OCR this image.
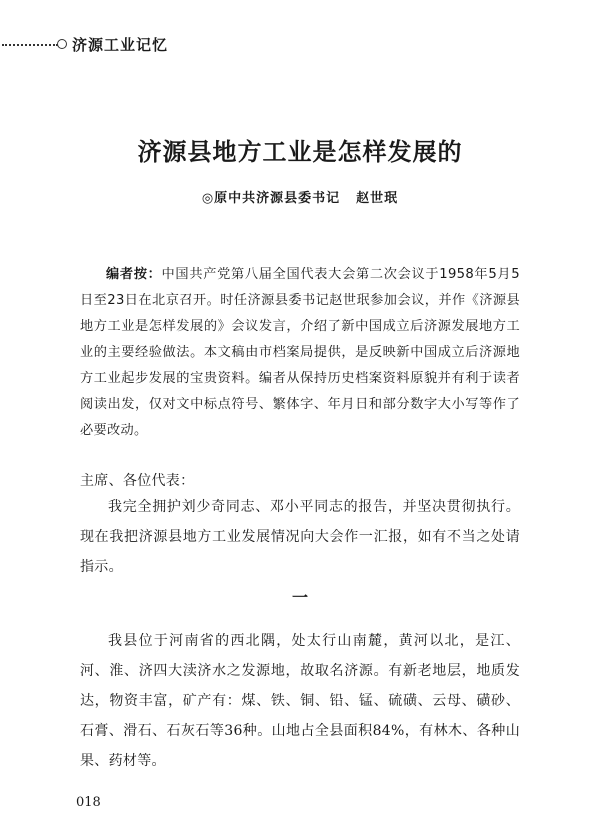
济源工业记忆
济源县地方工业是怎样发展的
◎原中共济源县委书记 赵世珉
编者按：中国共产党第八届全国代表大会第二次会议于1958年5月5日至23日在北京召开。时任济源县委书记赵世珉参加会议，并作《济源县地方工业是怎样发展的》会议发言，介绍了新中国成立后济源发展地方工业的主要经验做法。本文稿由市档案局提供，是反映新中国成立后济源地方工业起步发展的宝贵资料。编者从保持历史档案资料原貌并有利于读者阅读出发，仅对文中标点符号、繁体字、年月日和部分数字大小写等作了必要改动。
主席、各位代表：
我完全拥护刘少奇同志、邓小平同志的报告，并坚决贯彻执行。现在我把济源县地方工业发展情况向大会作一汇报，如有不当之处请指示。
一
我县位于河南省的西北隅，处太行山南麓，黄河以北，是江、河、淮、济四大渎济水之发源地，故取名济源。有新老地层，地质发达，物资丰富，矿产有：煤、铁、铜、铅、锰、硫磺、云母、磺砂、石膏、滑石、石灰石等36种。山地占全县面积84%，有林木、各种山果、药材等。
018
